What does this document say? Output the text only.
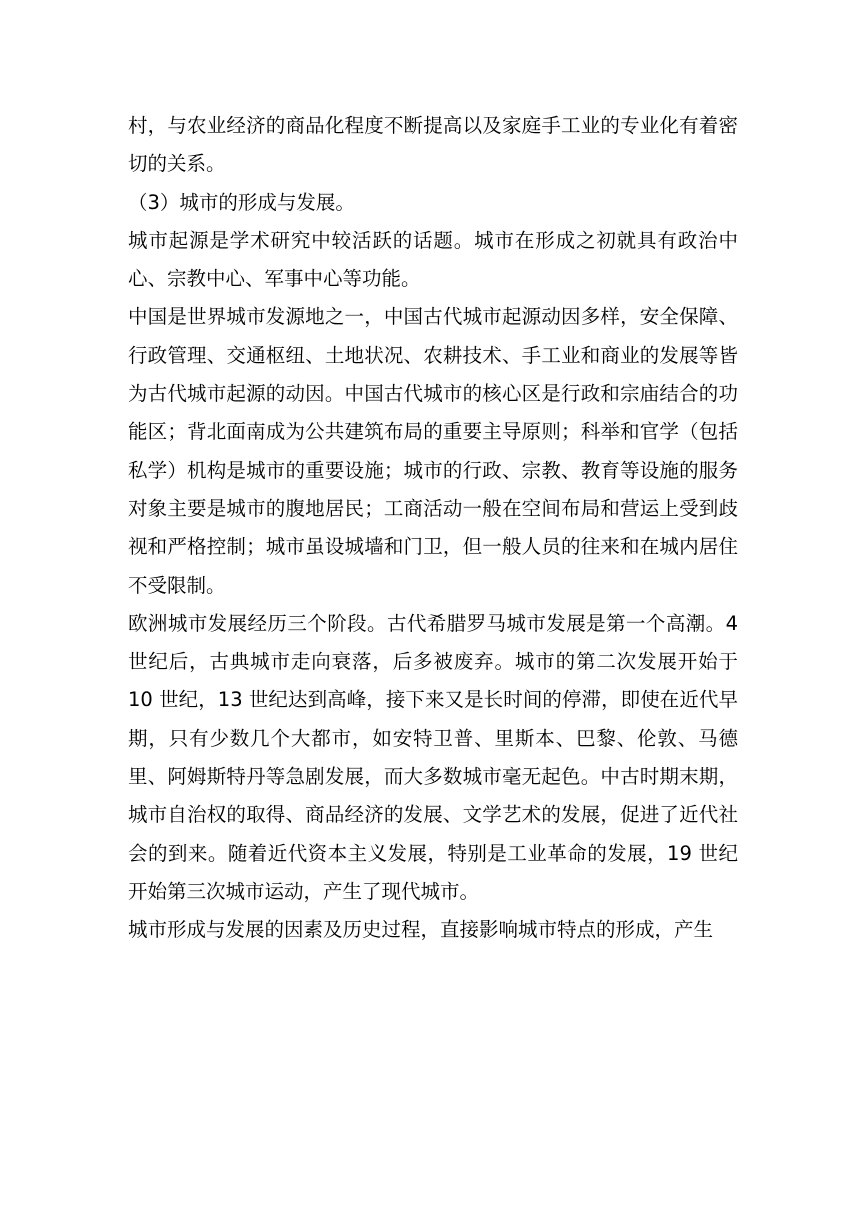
村，与农业经济的商品化程度不断提高以及家庭手工业的专业化有着密切的关系。

（3）城市的形成与发展。

城市起源是学术研究中较活跃的话题。城市在形成之初就具有政治中心、宗教中心、军事中心等功能。

中国是世界城市发源地之一，中国古代城市起源动因多样，安全保障、行政管理、交通枢纽、土地状况、农耕技术、手工业和商业的发展等皆为古代城市起源的动因。中国古代城市的核心区是行政和宗庙结合的功能区；背北面南成为公共建筑布局的重要主导原则；科举和官学（包括私学）机构是城市的重要设施；城市的行政、宗教、教育等设施的服务对象主要是城市的腹地居民；工商活动一般在空间布局和营运上受到歧视和严格控制；城市虽设城墙和门卫，但一般人员的往来和在城内居住不受限制。

欧洲城市发展经历三个阶段。古代希腊罗马城市发展是第一个高潮。4 世纪后，古典城市走向衰落，后多被废弃。城市的第二次发展开始于 10 世纪，13 世纪达到高峰，接下来又是长时间的停滞，即使在近代早期，只有少数几个大都市，如安特卫普、里斯本、巴黎、伦敦、马德里、阿姆斯特丹等急剧发展，而大多数城市毫无起色。中古时期末期，城市自治权的取得、商品经济的发展、文学艺术的发展，促进了近代社会的到来。随着近代资本主义发展，特别是工业革命的发展，19 世纪开始第三次城市运动，产生了现代城市。

城市形成与发展的因素及历史过程，直接影响城市特点的形成，产生
